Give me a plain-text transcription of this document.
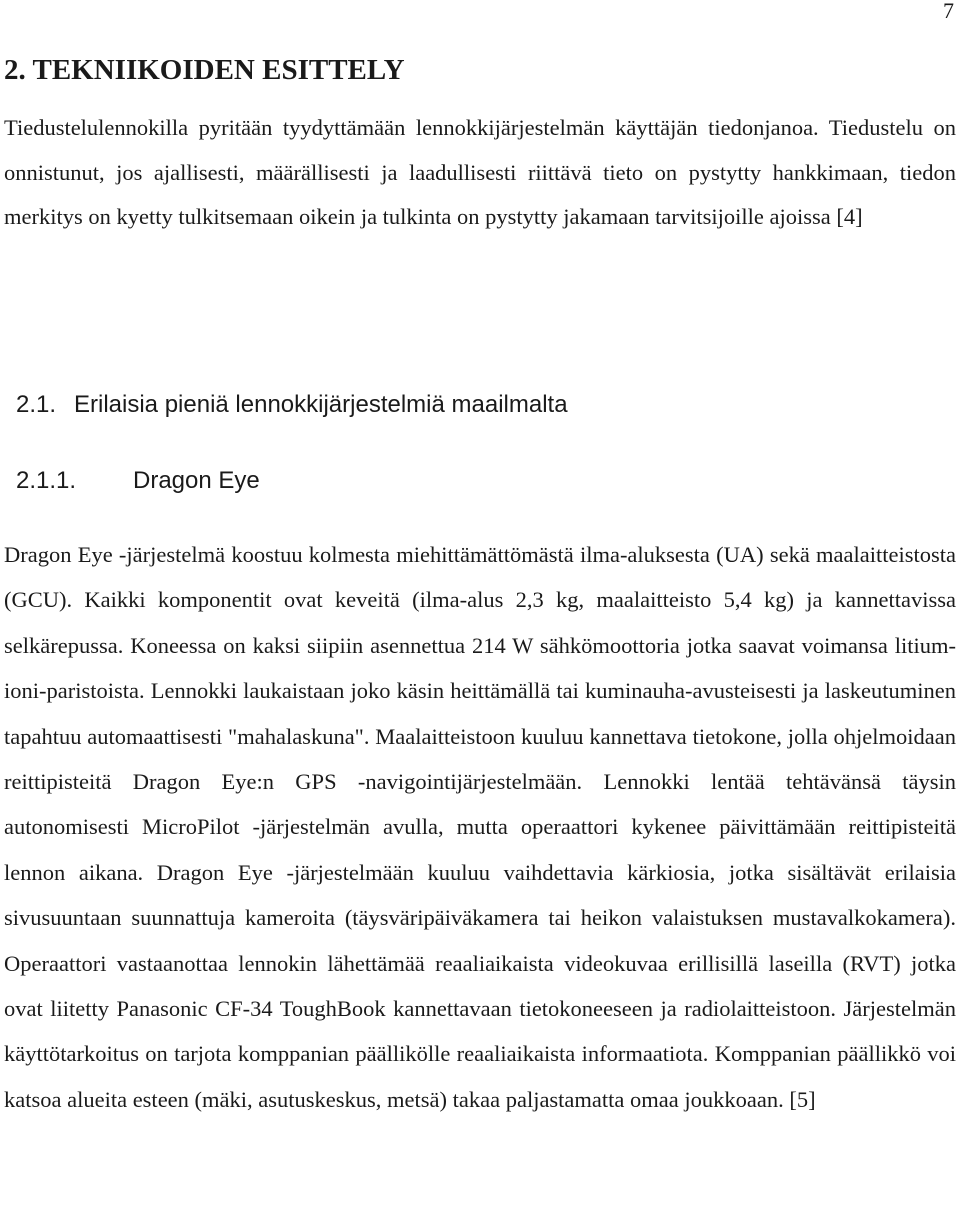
7
2. TEKNIIKOIDEN ESITTELY

Tiedustelulennokilla pyritään tyydyttämään lennokkijärjestelmän käyttäjän tiedonjanoa. Tiedustelu on onnistunut, jos ajallisesti, määrällisesti ja laadullisesti riittävä tieto on pystytty hankkimaan, tiedon merkitys on kyetty tulkitsemaan oikein ja tulkinta on pystytty jakamaan tarvitsijoille ajoissa [4]

2.1. Erilaisia pieniä lennokkijärjestelmiä maailmalta
2.1.1. Dragon Eye

Dragon Eye -järjestelmä koostuu kolmesta miehittämättömästä ilma-aluksesta (UA) sekä maalaitteistosta (GCU). Kaikki komponentit ovat keveitä (ilma-alus 2,3 kg, maalaitteisto 5,4 kg) ja kannettavissa selkärepussa. Koneessa on kaksi siipiin asennettua 214 W sähkömoottoria jotka saavat voimansa litium-ioni-paristoista. Lennokki laukaistaan joko käsin heittämällä tai kuminauha-avusteisesti ja laskeutuminen tapahtuu automaattisesti "mahalaskuna". Maalaitteistoon kuuluu kannettava tietokone, jolla ohjelmoidaan reittipisteitä Dragon Eye:n GPS -navigointijärjestelmään. Lennokki lentää tehtävänsä täysin autonomisesti MicroPilot -järjestelmän avulla, mutta operaattori kykenee päivittämään reittipisteitä lennon aikana. Dragon Eye -järjestelmään kuuluu vaihdettavia kärkiosia, jotka sisältävät erilaisia sivusuuntaan suunnattuja kameroita (täysväripäiväkamera tai heikon valaistuksen mustavalkokamera). Operaattori vastaanottaa lennokin lähettämää reaaliaikaista videokuvaa erillisillä laseilla (RVT) jotka ovat liitetty Panasonic CF-34 ToughBook kannettavaan tietokoneeseen ja radiolaitteistoon. Järjestelmän käyttötarkoitus on tarjota komppanian päällikölle reaaliaikaista informaatiota. Komppanian päällikkö voi katsoa alueita esteen (mäki, asutuskeskus, metsä) takaa paljastamatta omaa joukkoaan. [5]
